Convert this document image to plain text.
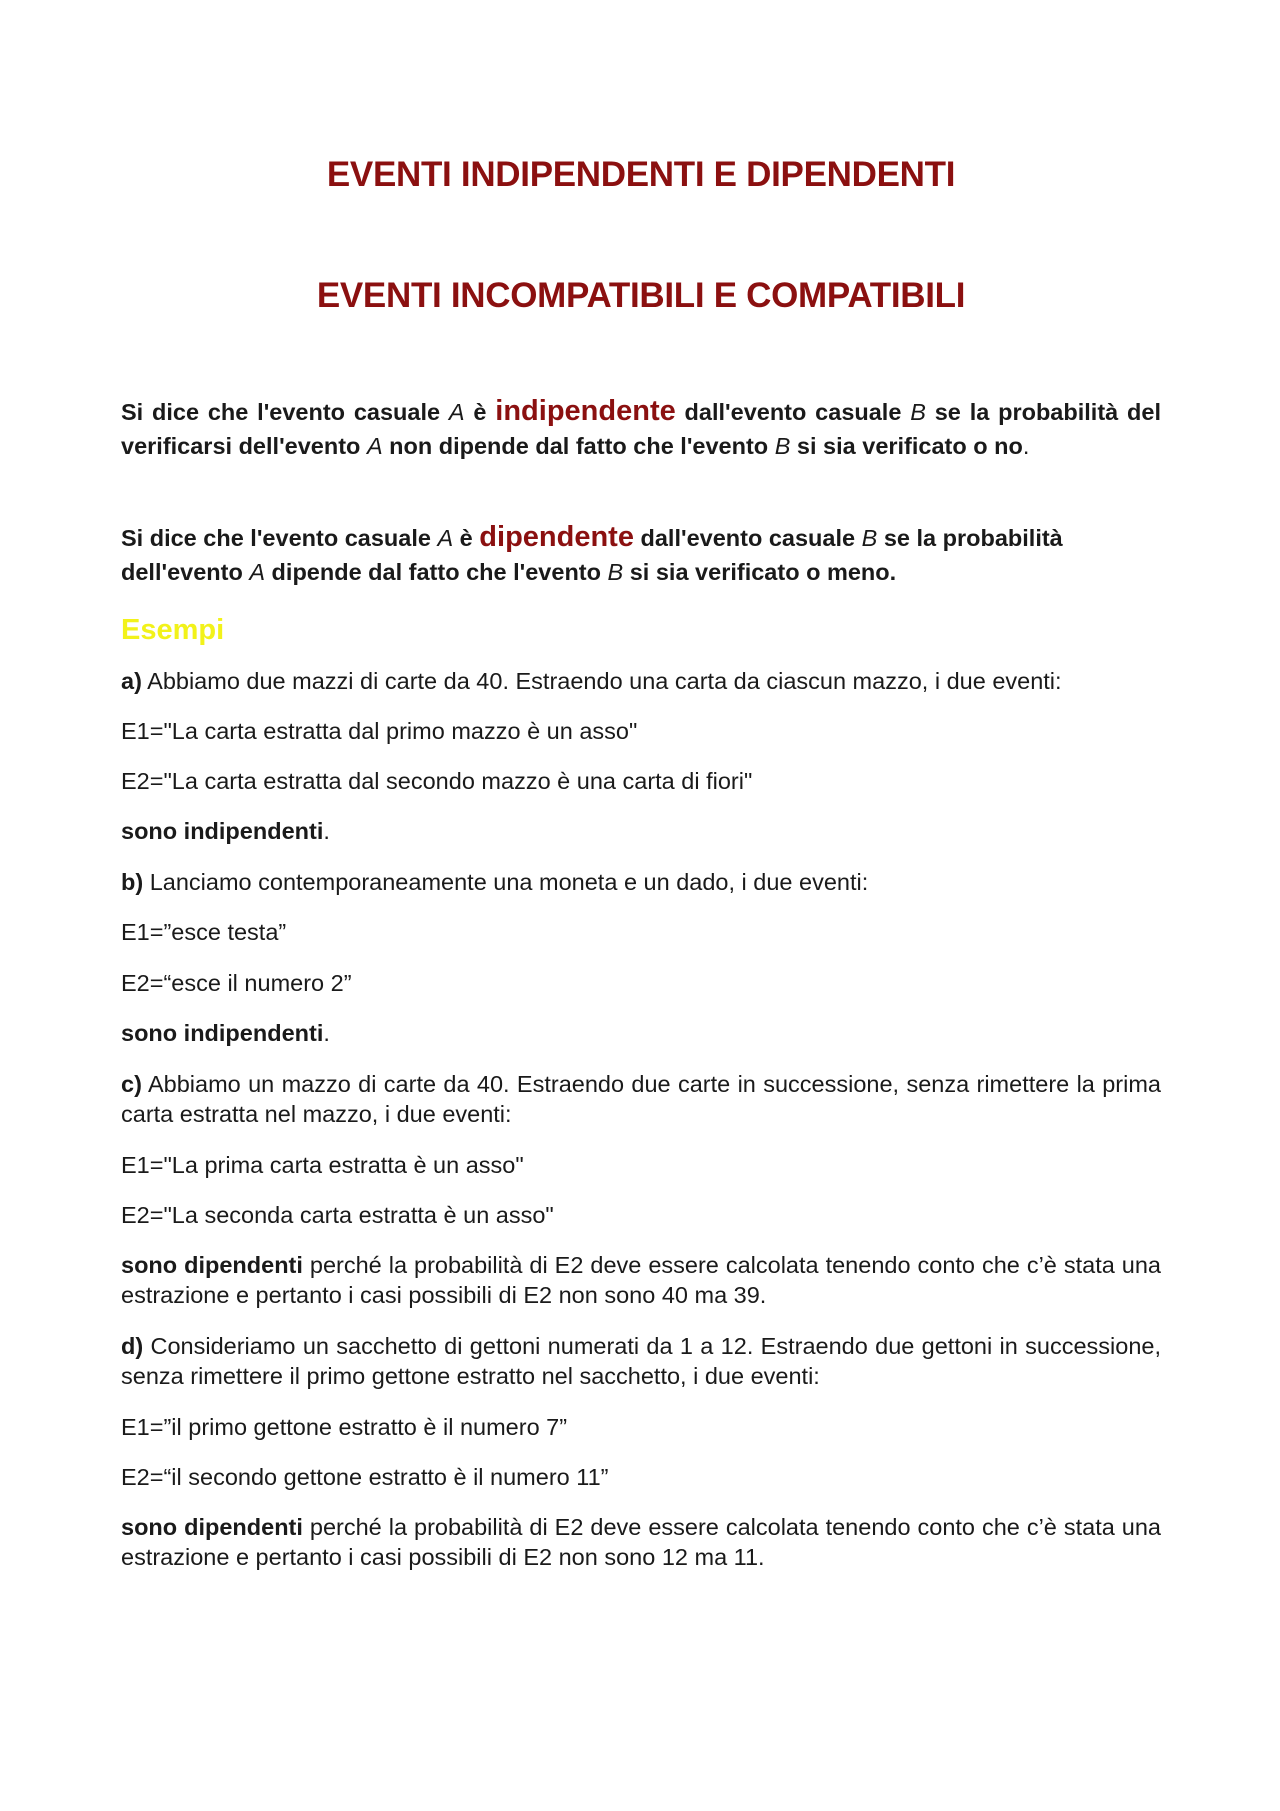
EVENTI INDIPENDENTI E DIPENDENTI
EVENTI INCOMPATIBILI E COMPATIBILI

Si dice che l'evento casuale A è indipendente dall'evento casuale B se la probabilità del verificarsi dell'evento A non dipende dal fatto che l'evento B si sia verificato o no.

Si dice che l'evento casuale A è dipendente dall'evento casuale B se la probabilità dell'evento A dipende dal fatto che l'evento B si sia verificato o meno.

Esempi

a) Abbiamo due mazzi di carte da 40. Estraendo una carta da ciascun mazzo, i due eventi:

E1="La carta estratta dal primo mazzo è un asso"

E2="La carta estratta dal secondo mazzo è una carta di fiori"

sono indipendenti.

b) Lanciamo contemporaneamente una moneta e un dado, i due eventi:

E1=”esce testa”

E2=“esce il numero 2”

sono indipendenti.

c) Abbiamo un mazzo di carte da 40. Estraendo due carte in successione, senza rimettere la prima carta estratta nel mazzo, i due eventi:

E1="La prima carta estratta è un asso"

E2="La seconda carta estratta è un asso"

sono dipendenti perché la probabilità di E2 deve essere calcolata tenendo conto che c’è stata una estrazione e pertanto i casi possibili di E2 non sono 40 ma 39.

d) Consideriamo un sacchetto di gettoni numerati da 1 a 12. Estraendo due gettoni in successione, senza rimettere il primo gettone estratto nel sacchetto, i due eventi:

E1=”il primo gettone estratto è il numero 7”

E2=“il secondo gettone estratto è il numero 11”

sono dipendenti perché la probabilità di E2 deve essere calcolata tenendo conto che c’è stata una estrazione e pertanto i casi possibili di E2 non sono 12 ma 11.
